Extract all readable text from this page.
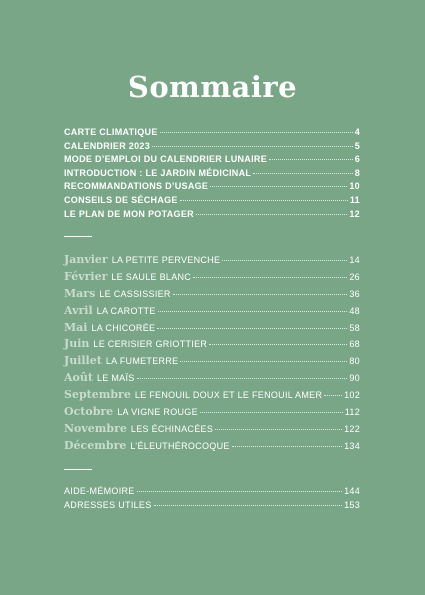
Sommaire
CARTE CLIMATIQUE	4
CALENDRIER 2023	5
MODE D’EMPLOI DU CALENDRIER LUNAIRE	6
INTRODUCTION : LE JARDIN MÉDICINAL	8
RECOMMANDATIONS D’USAGE	10
CONSEILS DE SÉCHAGE	11
LE PLAN DE MON POTAGER	12
Janvier LA PETITE PERVENCHE	14
Février LE SAULE BLANC	26
Mars LE CASSISSIER	36
Avril LA CAROTTE	48
Mai LA CHICORÉE	58
Juin LE CERISIER GRIOTTIER	68
Juillet LA FUMETERRE	80
Août LE MAÏS	90
Septembre LE FENOUIL DOUX ET LE FENOUIL AMER 102
Octobre LA VIGNE ROUGE	112
Novembre LES ÉCHINACÉES	122
Décembre L’ÉLEUTHÉROCOQUE	134
AIDE-MÉMOIRE	144
ADRESSES UTILES	153
